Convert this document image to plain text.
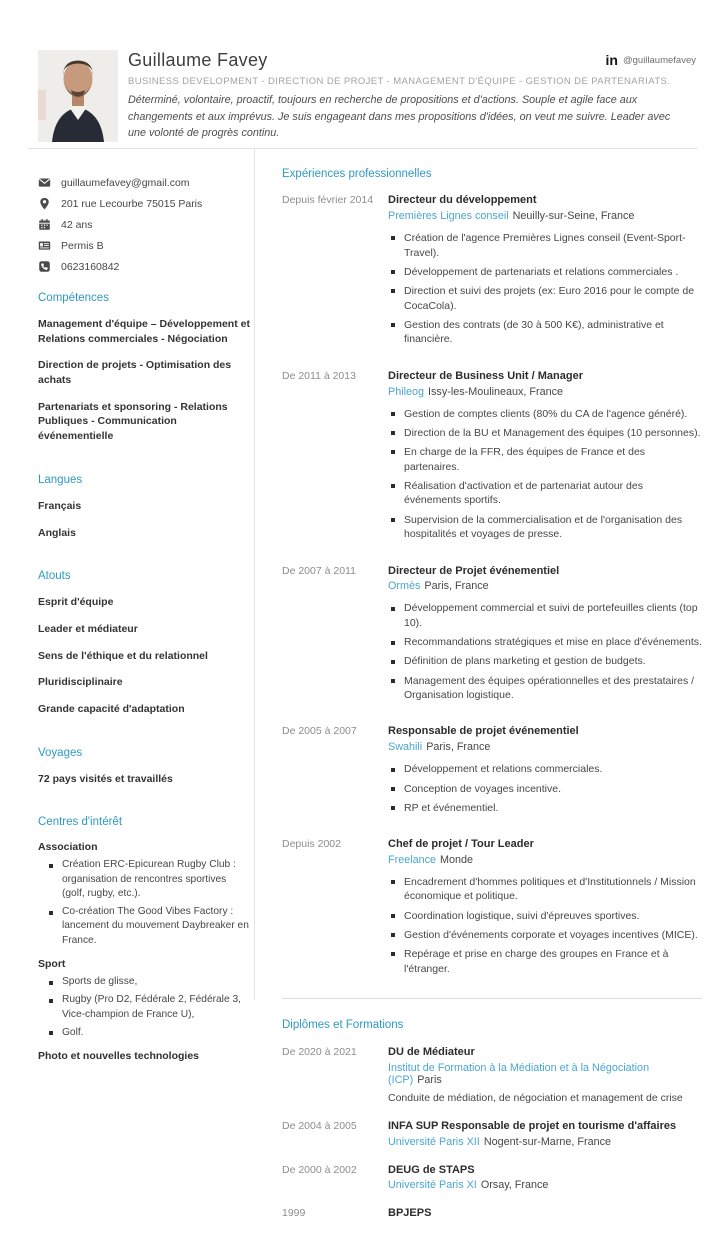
Guillaume Favey
BUSINESS DEVELOPMENT - DIRECTION DE PROJET - MANAGEMENT D'ÉQUIPE - GESTION DE PARTENARIATS.
Déterminé, volontaire, proactif, toujours en recherche de propositions et d'actions. Souple et agile face aux changements et aux imprévus. Je suis engageant dans mes propositions d'idées, on veut me suivre. Leader avec une volonté de progrès continu.
in @guillaumefavey
guillaumefavey@gmail.com
201 rue Lecourbe 75015 Paris
42 ans
Permis B
0623160842
Compétences
Management d'équipe – Développement et Relations commerciales - Négociation
Direction de projets - Optimisation des achats
Partenariats et sponsoring - Relations Publiques - Communication événementielle
Langues
Français
Anglais
Atouts
Esprit d'équipe
Leader et médiateur
Sens de l'éthique et du relationnel
Pluridisciplinaire
Grande capacité d'adaptation
Voyages
72 pays visités et travaillés
Centres d'intérêt
Association
Création ERC-Epicurean Rugby Club : organisation de rencontres sportives (golf, rugby, etc.).
Co-création The Good Vibes Factory : lancement du mouvement Daybreaker en France.
Sport
Sports de glisse,
Rugby (Pro D2, Fédérale 2, Fédérale 3, Vice-champion de France U),
Golf.
Photo et nouvelles technologies
Expériences professionnelles
Depuis février 2014	Directeur du développement
Premières Lignes conseil Neuilly-sur-Seine, France
Création de l'agence Premières Lignes conseil (Event-Sport-Travel).
Développement de partenariats et relations commerciales .
Direction et suivi des projets (ex: Euro 2016 pour le compte de CocaCola).
Gestion des contrats (de 30 à 500 K€), administrative et financière.
De 2011 à 2013	Directeur de Business Unit / Manager
Phileog Issy-les-Moulineaux, France
Gestion de comptes clients (80% du CA de l'agence généré).
Direction de la BU et Management des équipes (10 personnes).
En charge de la FFR, des équipes de France et des partenaires.
Réalisation d'activation et de partenariat autour des événements sportifs.
Supervision de la commercialisation et de l'organisation des hospitalités et voyages de presse.
De 2007 à 2011	Directeur de Projet événementiel
Ormès Paris, France
Développement commercial et suivi de portefeuilles clients (top 10).
Recommandations stratégiques et mise en place d'événements.
Définition de plans marketing et gestion de budgets.
Management des équipes opérationnelles et des prestataires / Organisation logistique.
De 2005 à 2007	Responsable de projet événementiel
Swahili Paris, France
Développement et relations commerciales.
Conception de voyages incentive.
RP et événementiel.
Depuis 2002	Chef de projet / Tour Leader
Freelance Monde
Encadrement d'hommes politiques et d'Institutionnels / Mission économique et politique.
Coordination logistique, suivi d'épreuves sportives.
Gestion d'événements corporate et voyages incentives (MICE).
Repérage et prise en charge des groupes en France et à l'étranger.
Diplômes et Formations
De 2020 à 2021	DU de Médiateur
Institut de Formation à la Médiation et à la Négociation (ICP) Paris
Conduite de médiation, de négociation et management de crise
De 2004 à 2005	INFA SUP Responsable de projet en tourisme d'affaires
Université Paris XII Nogent-sur-Marne, France
De 2000 à 2002	DEUG de STAPS
Université Paris XI Orsay, France
1999	BPJEPS
